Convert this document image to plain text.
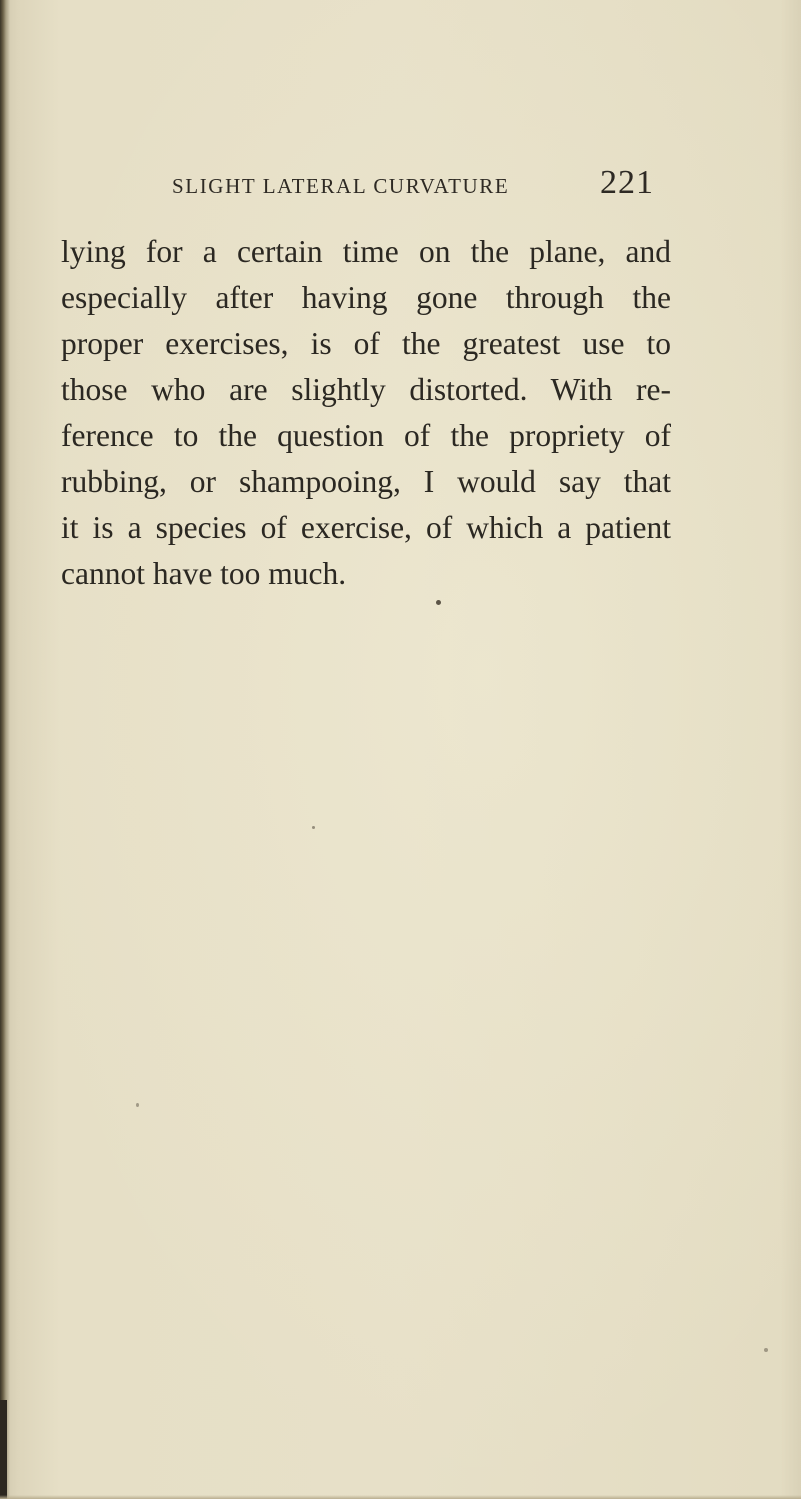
SLIGHT LATERAL CURVATURE	221
lying for a certain time on the plane, and
especially after having gone through the
proper exercises, is of the greatest use to
those who are slightly distorted. With re-
ference to the question of the propriety of
rubbing, or shampooing, I would say that
it is a species of exercise, of which a patient
cannot have too much.
